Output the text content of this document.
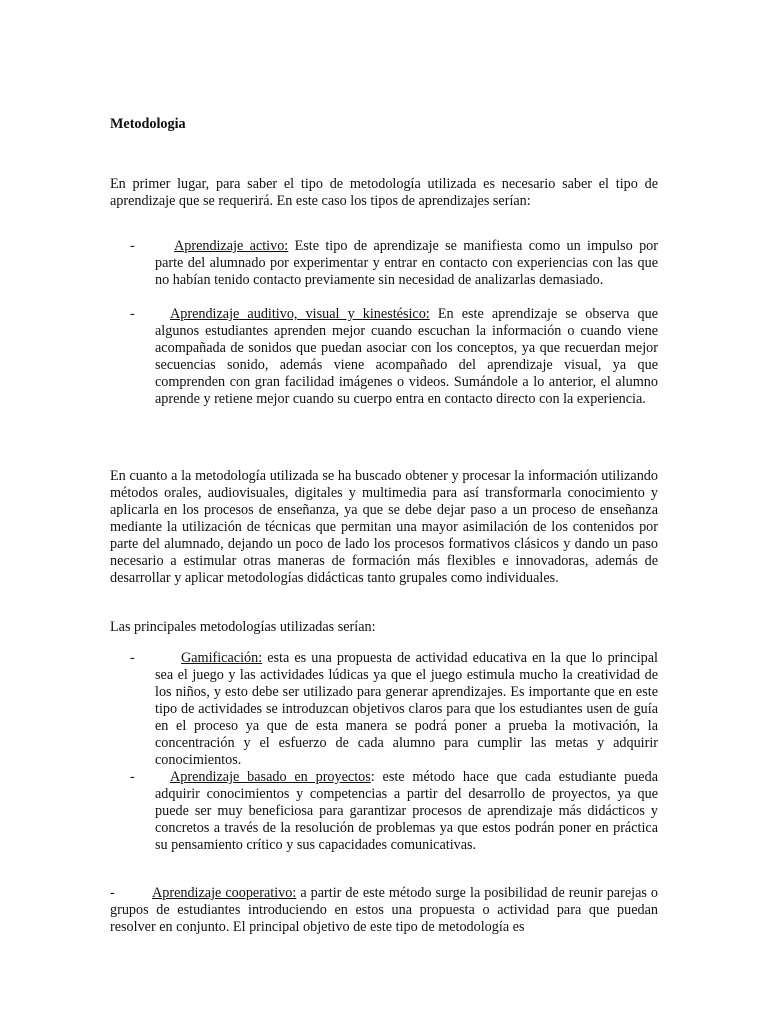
Metodologia
En primer lugar, para saber el tipo de metodología utilizada es necesario saber el tipo de aprendizaje que se requerirá. En este caso los tipos de aprendizajes serían:
-	Aprendizaje activo: Este tipo de aprendizaje se manifiesta como un impulso por parte del alumnado por experimentar y entrar en contacto con experiencias con las que no habían tenido contacto previamente sin necesidad de analizarlas demasiado.
-	Aprendizaje auditivo, visual y kinestésico: En este aprendizaje se observa que algunos estudiantes aprenden mejor cuando escuchan la información o cuando viene acompañada de sonidos que puedan asociar con los conceptos, ya que recuerdan mejor secuencias sonido, además viene acompañado del aprendizaje visual, ya que comprenden con gran facilidad imágenes o videos. Sumándole a lo anterior, el alumno aprende y retiene mejor cuando su cuerpo entra en contacto directo con la experiencia.
En cuanto a la metodología utilizada se ha buscado obtener y procesar la información utilizando métodos orales, audiovisuales, digitales y multimedia para así transformarla conocimiento y aplicarla en los procesos de enseñanza, ya que se debe dejar paso a un proceso de enseñanza mediante la utilización de técnicas que permitan una mayor asimilación de los contenidos por parte del alumnado, dejando un poco de lado los procesos formativos clásicos y dando un paso necesario a estimular otras maneras de formación más flexibles e innovadoras, además de desarrollar y aplicar metodologías didácticas tanto grupales como individuales.
Las principales metodologías utilizadas serían:
-	Gamificación: esta es una propuesta de actividad educativa en la que lo principal sea el juego y las actividades lúdicas ya que el juego estimula mucho la creatividad de los niños, y esto debe ser utilizado para generar aprendizajes. Es importante que en este tipo de actividades se introduzcan objetivos claros para que los estudiantes usen de guía en el proceso ya que de esta manera se podrá poner a prueba la motivación, la concentración y el esfuerzo de cada alumno para cumplir las metas y adquirir conocimientos.
-	Aprendizaje basado en proyectos: este método hace que cada estudiante pueda adquirir conocimientos y competencias a partir del desarrollo de proyectos, ya que puede ser muy beneficiosa para garantizar procesos de aprendizaje más didácticos y concretos a través de la resolución de problemas ya que estos podrán poner en práctica su pensamiento crítico y sus capacidades comunicativas.
-	Aprendizaje cooperativo: a partir de este método surge la posibilidad de reunir parejas o grupos de estudiantes introduciendo en estos una propuesta o actividad para que puedan resolver en conjunto. El principal objetivo de este tipo de metodología es
